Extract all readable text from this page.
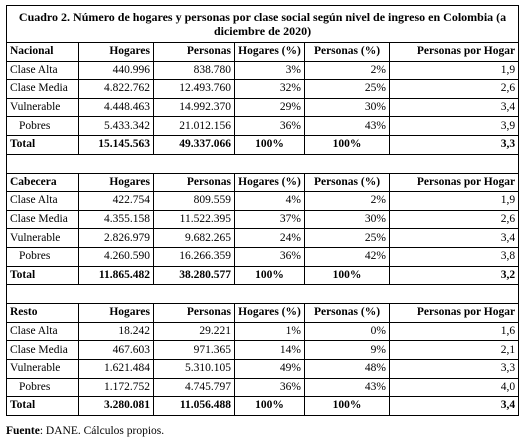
Cuadro 2. Número de hogares y personas por clase social según nivel de ingreso en Colombia (a diciembre de 2020)					
Nacional	Hogares	Personas	Hogares (%)	Personas (%)	Personas por Hogar
Clase Alta	440.996	838.780	3%	2%	1,9
Clase Media	4.822.762	12.493.760	32%	25%	2,6
Vulnerable	4.448.463	14.992.370	29%	30%	3,4
Pobres	5.433.342	21.012.156	36%	43%	3,9
Total	15.145.563	49.337.066	100%	100%	3,3

Cabecera	Hogares	Personas	Hogares (%)	Personas (%)	Personas por Hogar
Clase Alta	422.754	809.559	4%	2%	1,9
Clase Media	4.355.158	11.522.395	37%	30%	2,6
Vulnerable	2.826.979	9.682.265	24%	25%	3,4
Pobres	4.260.590	16.266.359	36%	42%	3,8
Total	11.865.482	38.280.577	100%	100%	3,2

Resto	Hogares	Personas	Hogares (%)	Personas (%)	Personas por Hogar
Clase Alta	18.242	29.221	1%	0%	1,6
Clase Media	467.603	971.365	14%	9%	2,1
Vulnerable	1.621.484	5.310.105	49%	48%	3,3
Pobres	1.172.752	4.745.797	36%	43%	4,0
Total	3.280.081	11.056.488	100%	100%	3,4
Fuente: DANE. Cálculos propios.
